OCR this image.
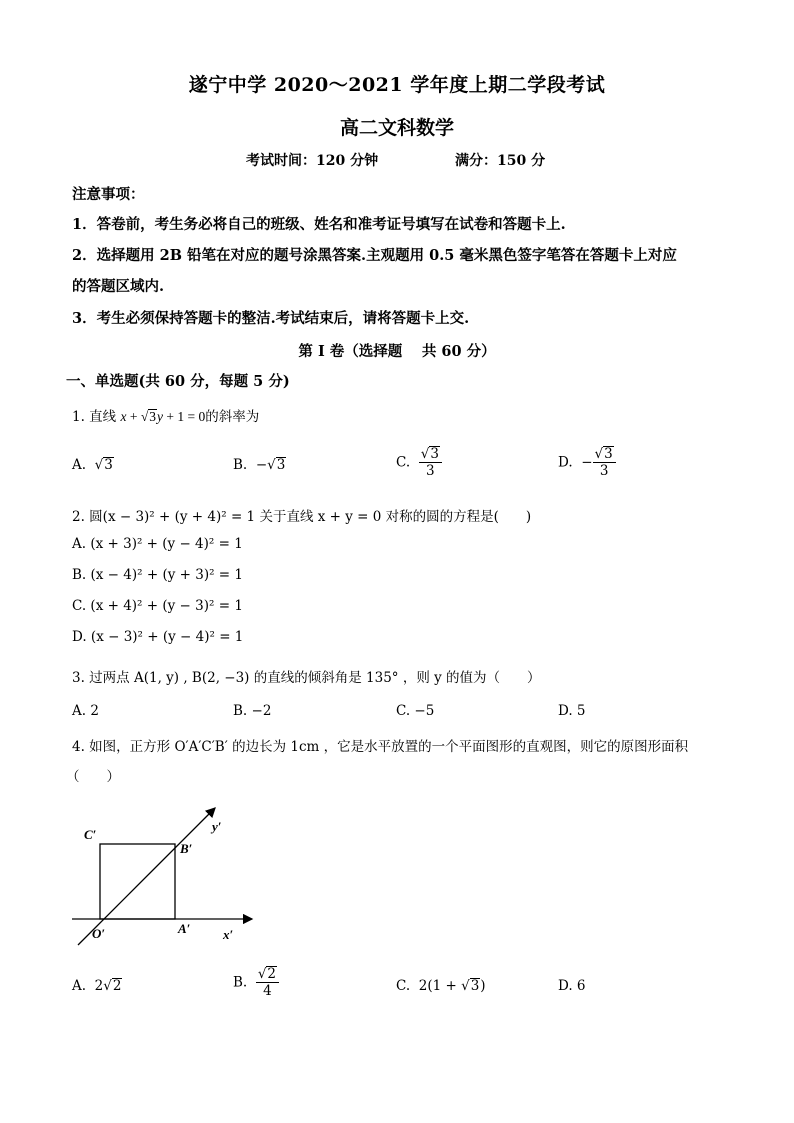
遂宁中学 2020～2021 学年度上期二学段考试
高二文科数学
考试时间：120 分钟	满分：150 分
注意事项：
1．答卷前，考生务必将自己的班级、姓名和准考证号填写在试卷和答题卡上.
2．选择题用 2B 铅笔在对应的题号涂黑答案.主观题用 0.5 毫米黑色签字笔答在答题卡上对应
的答题区域内.
3．考生必须保持答题卡的整洁.考试结束后，请将答题卡上交.
第 I 卷（选择题　 共 60 分）
一、单选题(共 60 分，每题 5 分)
1. 直线 x + √3y + 1 = 0的斜率为
A. √3	B. −√3	C. $\frac{√3}{3}$	D. − $\frac{√3}{3}$
2. 圆(x − 3)² + (y + 4)² = 1 关于直线 x + y = 0 对称的圆的方程是(　　)
A. (x + 3)² + (y − 4)² = 1
B. (x − 4)² + (y + 3)² = 1
C. (x + 4)² + (y − 3)² = 1
D. (x − 3)² + (y − 4)² = 1
3. 过两点 A(1, y) , B(2, −3) 的直线的倾斜角是 135° ，则 y 的值为（　　）
A. 2	B. −2	C. −5	D. 5
4. 如图，正方形 O′A′C′B′ 的边长为 1cm ，它是水平放置的一个平面图形的直观图，则它的原图形面积
（　　）
C′
B′
O′	A′	x′
y′
A. 2√2	B. $\frac{√2}{4}$	C. 2(1 + √3)	D. 6
